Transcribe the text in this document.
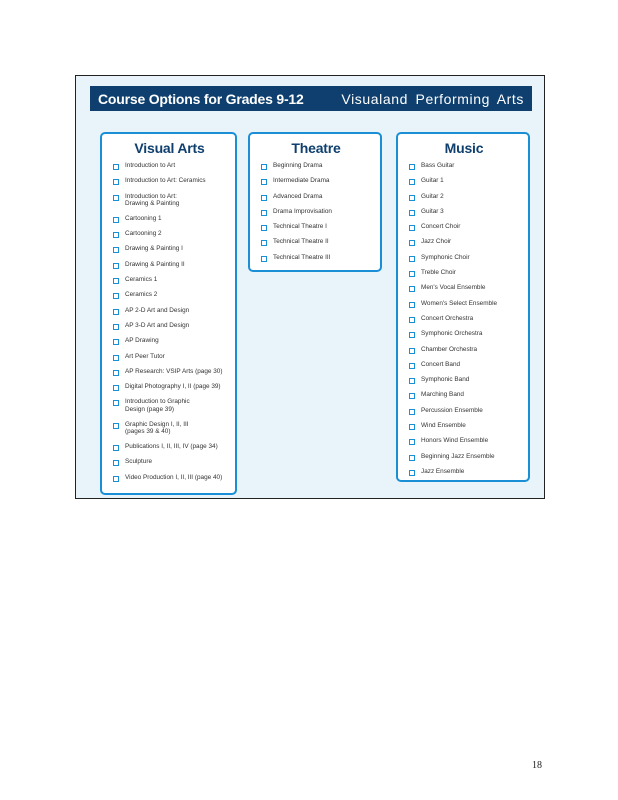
Course Options for Grades 9-12	Visualand Performing Arts
Visual Arts
Introduction to Art
Introduction to Art: Ceramics
Introduction to Art:
Drawing & Painting
Cartooning 1
Cartooning 2
Drawing & Painting I
Drawing & Painting II
Ceramics 1
Ceramics 2
AP 2-D Art and Design
AP 3-D Art and Design
AP Drawing
Art Peer Tutor
AP Research: VSIP Arts (page 30)
Digital Photography I, II (page 39)
Introduction to Graphic
Design (page 39)
Graphic Design I, II, III
(pages 39 & 40)
Publications I, II, III, IV (page 34)
Sculpture
Video Production I, II, III (page 40)
Theatre
Beginning Drama
Intermediate Drama
Advanced Drama
Drama Improvisation
Technical Theatre I
Technical Theatre II
Technical Theatre III
Music
Bass Guitar
Guitar 1
Guitar 2
Guitar 3
Concert Choir
Jazz Choir
Symphonic Choir
Treble Choir
Men's Vocal Ensemble
Women's Select Ensemble
Concert Orchestra
Symphonic Orchestra
Chamber Orchestra
Concert Band
Symphonic Band
Marching Band
Percussion Ensemble
Wind Ensemble
Honors Wind Ensemble
Beginning Jazz Ensemble
Jazz Ensemble
18
